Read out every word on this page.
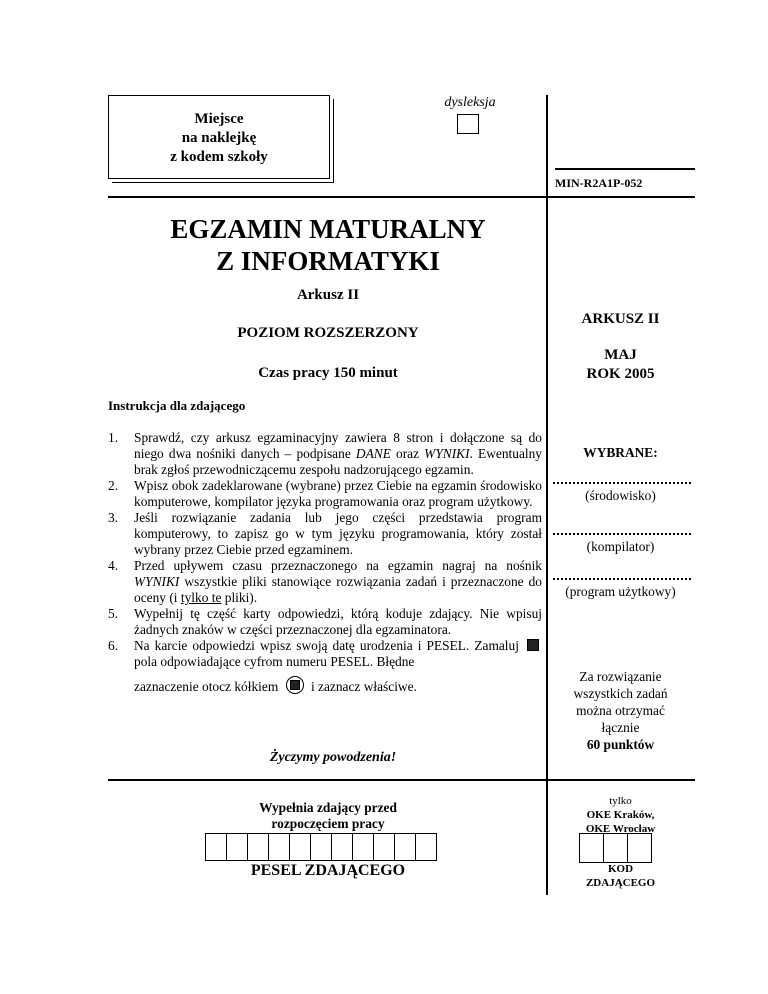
Miejsce
na naklejkę
z kodem szkoły
dysleksja
MIN-R2A1P-052
EGZAMIN MATURALNY
Z INFORMATYKI
Arkusz II
POZIOM ROZSZERZONY
Czas pracy 150 minut
ARKUSZ II
MAJ
ROK 2005
Instrukcja dla zdającego
1. Sprawdź, czy arkusz egzaminacyjny zawiera 8 stron i dołączone są do niego dwa nośniki danych – podpisane DANE oraz WYNIKI. Ewentualny brak zgłoś przewodniczącemu zespołu nadzorującego egzamin.
2. Wpisz obok zadeklarowane (wybrane) przez Ciebie na egzamin środowisko komputerowe, kompilator języka programowania oraz program użytkowy.
3. Jeśli rozwiązanie zadania lub jego części przedstawia program komputerowy, to zapisz go w tym języku programowania, który został wybrany przez Ciebie przed egzaminem.
4. Przed upływem czasu przeznaczonego na egzamin nagraj na nośnik WYNIKI wszystkie pliki stanowiące rozwiązania zadań i przeznaczone do oceny (i tylko te pliki).
5. Wypełnij tę część karty odpowiedzi, którą koduje zdający. Nie wpisuj żadnych znaków w części przeznaczonej dla egzaminatora.
6. Na karcie odpowiedzi wpisz swoją datę urodzenia i PESEL. Zamaluj  pola odpowiadające cyfrom numeru PESEL. Błędne
zaznaczenie otocz kółkiem  i zaznacz właściwe.
Życzymy powodzenia!
WYBRANE:
(środowisko)
(kompilator)
(program użytkowy)
Za rozwiązanie
wszystkich zadań
można otrzymać
łącznie
60 punktów
Wypełnia zdający przed
rozpoczęciem pracy
PESEL ZDAJĄCEGO
tylko
OKE Kraków,
OKE Wrocław
KOD
ZDAJĄCEGO
